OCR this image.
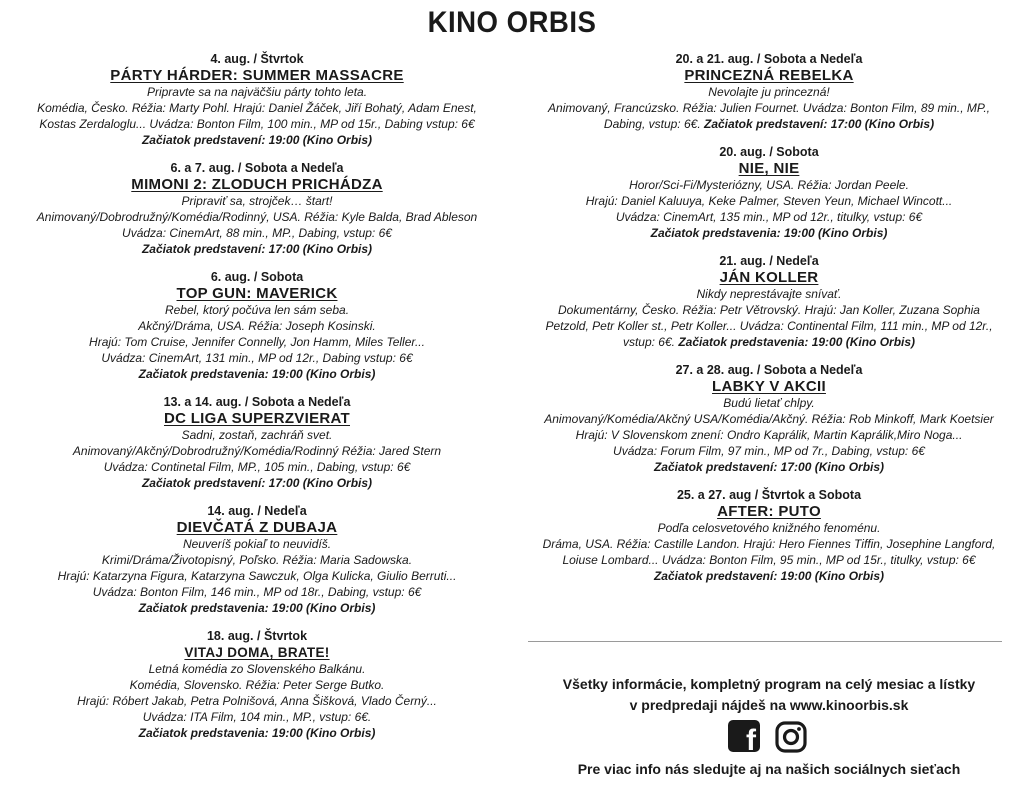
KINO ORBIS
4. aug. / Štvrtok
PÁRTY HÁRDER: SUMMER MASSACRE
Pripravte sa na najväčšiu párty tohto leta.
Komédia, Česko. Réžia: Marty Pohl. Hrajú: Daniel Žáček, Jiří Bohatý, Adam Enest,
Kostas Zerdaloglu... Uvádza: Bonton Film, 100 min., MP od 15r., Dabing vstup: 6€
Začiatok predstavení: 19:00 (Kino Orbis)
6. a 7. aug. / Sobota a Nedeľa
MIMONI 2: ZLODUCH PRICHÁDZA
Pripraviť sa, strojček… štart!
Animovaný/Dobrodružný/Komédia/Rodinný, USA. Réžia: Kyle Balda, Brad Ableson
Uvádza: CinemArt, 88 min., MP., Dabing, vstup: 6€
Začiatok predstavení: 17:00 (Kino Orbis)
6. aug. / Sobota
TOP GUN: MAVERICK
Rebel, ktorý počúva len sám seba.
Akčný/Dráma, USA. Réžia: Joseph Kosinski.
Hrajú: Tom Cruise, Jennifer Connelly, Jon Hamm, Miles Teller...
Uvádza: CinemArt, 131 min., MP od 12r., Dabing vstup: 6€
Začiatok predstavenia: 19:00 (Kino Orbis)
13. a 14. aug. / Sobota a Nedeľa
DC LIGA SUPERZVIERAT
Sadni, zostaň, zachráň svet.
Animovaný/Akčný/Dobrodružný/Komédia/Rodinný Réžia: Jared Stern
Uvádza: Continetal Film, MP., 105 min., Dabing, vstup: 6€
Začiatok predstavení: 17:00 (Kino Orbis)
14. aug. / Nedeľa
DIEVČATÁ Z DUBAJA
Neuveríš pokiaľ to neuvidíš.
Krimi/Dráma/Životopisný, Poľsko. Réžia: Maria Sadowska.
Hrajú: Katarzyna Figura, Katarzyna Sawczuk, Olga Kulicka, Giulio Berruti...
Uvádza: Bonton Film, 146 min., MP od 18r., Dabing, vstup: 6€
Začiatok predstavenia: 19:00 (Kino Orbis)
18. aug. / Štvrtok
VITAJ DOMA, BRATE!
Letná komédia zo Slovenského Balkánu.
Komédia, Slovensko. Réžia: Peter Serge Butko.
Hrajú: Róbert Jakab, Petra Polnišová, Anna Šišková, Vlado Černý...
Uvádza: ITA Film, 104 min., MP., vstup: 6€.
Začiatok predstavenia: 19:00 (Kino Orbis)
20. a 21. aug. / Sobota a Nedeľa
PRINCEZNÁ REBELKA
Nevolajte ju princezná!
Animovaný, Francúzsko. Réžia: Julien Fournet. Uvádza: Bonton Film, 89 min., MP.,
Dabing, vstup: 6€. Začiatok predstavení: 17:00 (Kino Orbis)
20. aug. / Sobota
NIE, NIE
Horor/Sci-Fi/Mysteriózny, USA. Réžia: Jordan Peele.
Hrajú: Daniel Kaluuya, Keke Palmer, Steven Yeun, Michael Wincott...
Uvádza: CinemArt, 135 min., MP od 12r., titulky, vstup: 6€
Začiatok predstavenia: 19:00 (Kino Orbis)
21. aug. / Nedeľa
JÁN KOLLER
Nikdy neprestávajte snívať.
Dokumentárny, Česko. Réžia: Petr Větrovský. Hrajú: Jan Koller, Zuzana Sophia
Petzold, Petr Koller st., Petr Koller... Uvádza: Continental Film, 111 min., MP od 12r.,
vstup: 6€. Začiatok predstavenia: 19:00 (Kino Orbis)
27. a 28. aug. / Sobota a Nedeľa
LABKY V AKCII
Budú lietať chlpy.
Animovaný/Komédia/Akčný USA/Komédia/Akčný. Réžia: Rob Minkoff, Mark Koetsier
Hrajú: V Slovenskom znení: Ondro Kaprálik, Martin Kaprálik,Miro Noga...
Uvádza: Forum Film, 97 min., MP od 7r., Dabing, vstup: 6€
Začiatok predstavení: 17:00 (Kino Orbis)
25. a 27. aug / Štvrtok a Sobota
AFTER: PUTO
Podľa celosvetového knižného fenoménu.
Dráma, USA. Réžia: Castille Landon. Hrajú: Hero Fiennes Tiffin, Josephine Langford,
Loiuse Lombard... Uvádza: Bonton Film, 95 min., MP od 15r., titulky, vstup: 6€
Začiatok predstavení: 19:00 (Kino Orbis)
Všetky informácie, kompletný program na celý mesiac a lístky
v predpredaji nájdeš na www.kinoorbis.sk
f
Pre viac info nás sledujte aj na našich sociálnych sieťach
